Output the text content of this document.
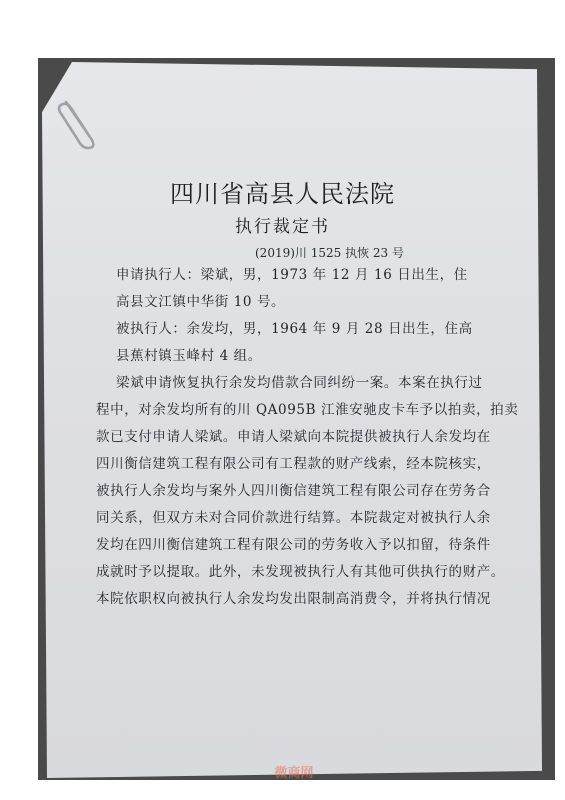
四川省高县人民法院
执行裁定书
(2019)川 1525 执恢 23 号
申请执行人：梁斌，男，1973 年 12 月 16 日出生，住高县文江镇中华街 10 号。
被执行人：余发均，男，1964 年 9 月 28 日出生，住高县蕉村镇玉峰村 4 组。
梁斌申请恢复执行余发均借款合同纠纷一案。本案在执行过
程中，对余发均所有的川 QA095B 江淮安驰皮卡车予以拍卖，拍卖
款已支付申请人梁斌。申请人梁斌向本院提供被执行人余发均在
四川衡信建筑工程有限公司有工程款的财产线索，经本院核实，
被执行人余发均与案外人四川衡信建筑工程有限公司存在劳务合
同关系，但双方未对合同价款进行结算。本院裁定对被执行人余
发均在四川衡信建筑工程有限公司的劳务收入予以扣留，待条件
成就时予以提取。此外，未发现被执行人有其他可供执行的财产。
本院依职权向被执行人余发均发出限制高消费令，并将执行情况
微商网
